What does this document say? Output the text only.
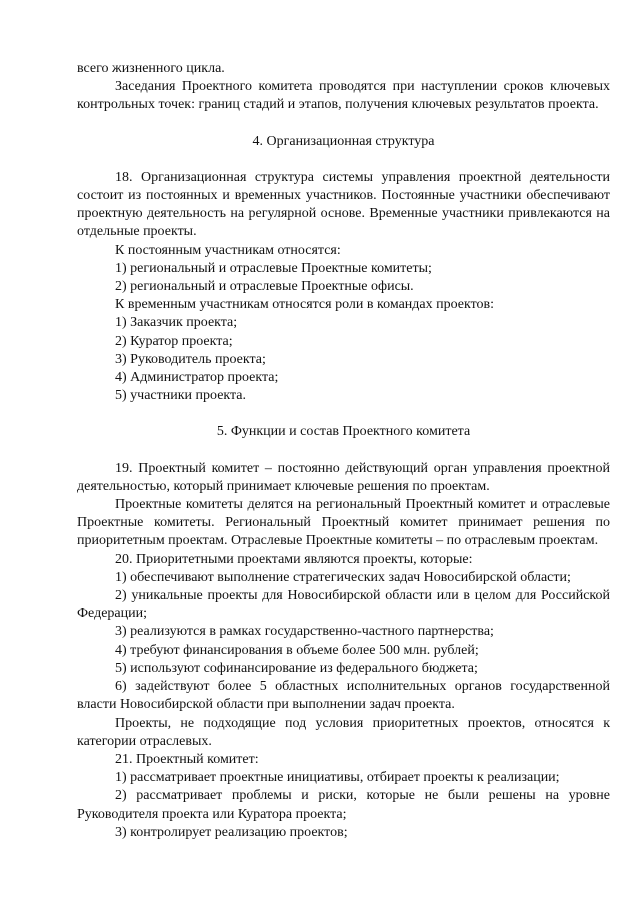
всего жизненного цикла.

Заседания Проектного комитета проводятся при наступлении сроков ключевых контрольных точек: границ стадий и этапов, получения ключевых результатов проекта.

4. Организационная структура

18. Организационная структура системы управления проектной деятельности состоит из постоянных и временных участников. Постоянные участники обеспечивают проектную деятельность на регулярной основе. Временные участники привлекаются на отдельные проекты.

К постоянным участникам относятся:

1) региональный и отраслевые Проектные комитеты;

2) региональный и отраслевые Проектные офисы.

К временным участникам относятся роли в командах проектов:

1) Заказчик проекта;

2) Куратор проекта;

3) Руководитель проекта;

4) Администратор проекта;

5) участники проекта.

5. Функции и состав Проектного комитета

19. Проектный комитет – постоянно действующий орган управления проектной деятельностью, который принимает ключевые решения по проектам.

Проектные комитеты делятся на региональный Проектный комитет и отраслевые Проектные комитеты. Региональный Проектный комитет принимает решения по приоритетным проектам. Отраслевые Проектные комитеты – по отраслевым проектам.

20. Приоритетными проектами являются проекты, которые:

1) обеспечивают выполнение стратегических задач Новосибирской области;

2) уникальные проекты для Новосибирской области или в целом для Российской Федерации;

3) реализуются в рамках государственно-частного партнерства;

4) требуют финансирования в объеме более 500 млн. рублей;

5) используют софинансирование из федерального бюджета;

6) задействуют более 5 областных исполнительных органов государственной власти Новосибирской области при выполнении задач проекта.

Проекты, не подходящие под условия приоритетных проектов, относятся к категории отраслевых.

21. Проектный комитет:

1) рассматривает проектные инициативы, отбирает проекты к реализации;

2) рассматривает проблемы и риски, которые не были решены на уровне Руководителя проекта или Куратора проекта;

3) контролирует реализацию проектов;
